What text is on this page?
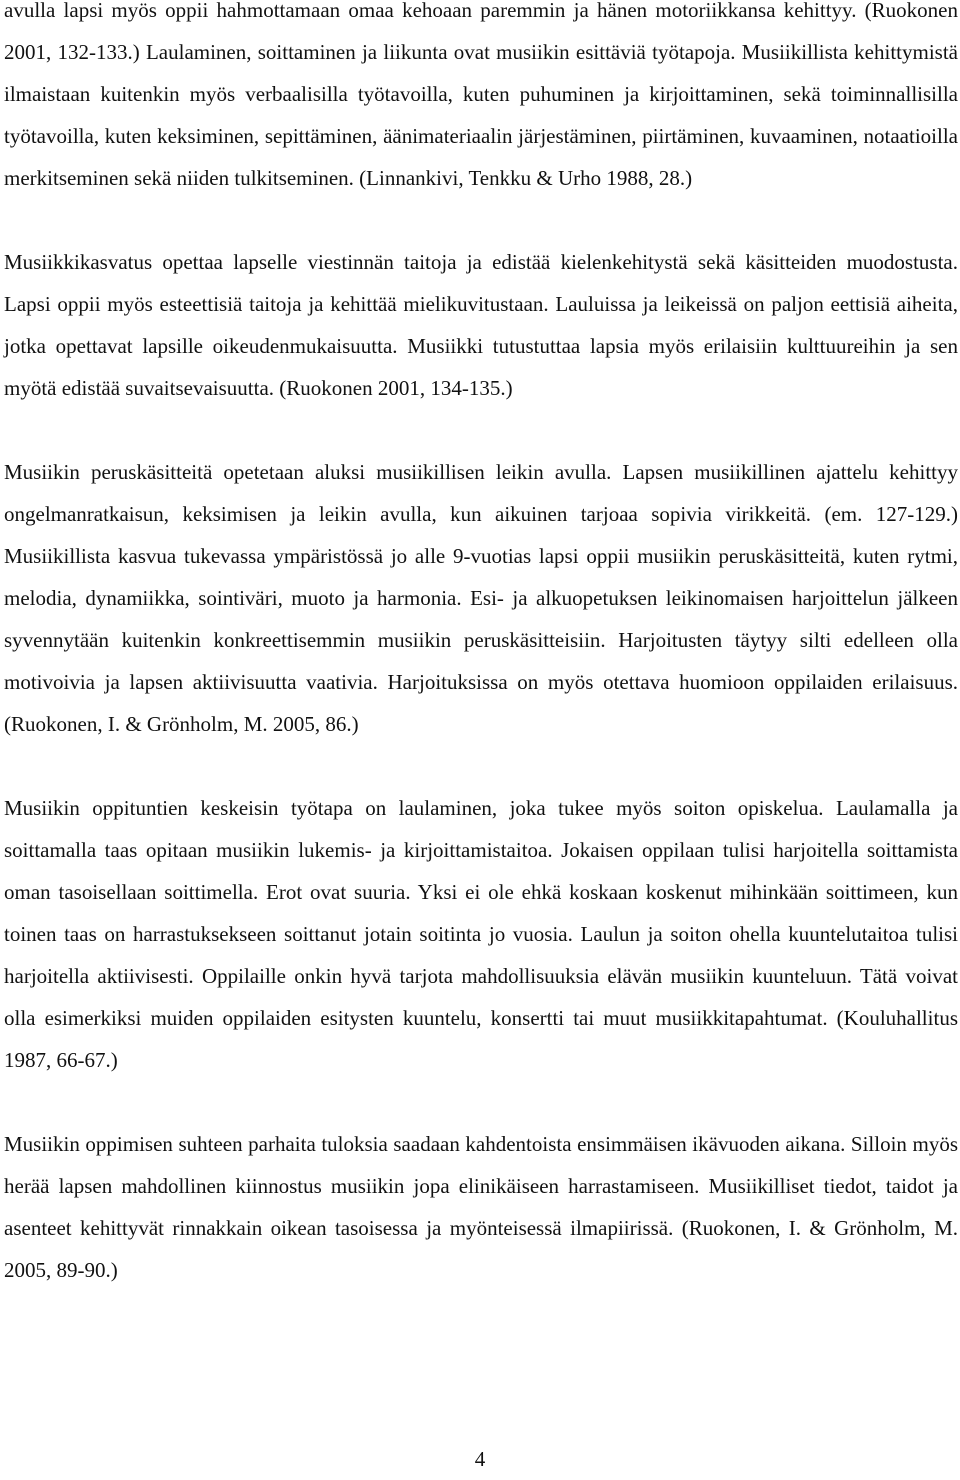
avulla lapsi myös oppii hahmottamaan omaa kehoaan paremmin ja hänen motoriikkansa kehittyy. (Ruokonen 2001, 132-133.) Laulaminen, soittaminen ja liikunta ovat musiikin esittäviä työtapoja. Musiikillista kehittymistä ilmaistaan kuitenkin myös verbaalisilla työtavoilla, kuten puhuminen ja kirjoittaminen, sekä toiminnallisilla työtavoilla, kuten keksiminen, sepittäminen, äänimateriaalin järjestäminen, piirtäminen, kuvaaminen, notaatioilla merkitseminen sekä niiden tulkitseminen. (Linnankivi, Tenkku & Urho 1988, 28.)

Musiikkikasvatus opettaa lapselle viestinnän taitoja ja edistää kielenkehitystä sekä käsitteiden muodostusta. Lapsi oppii myös esteettisiä taitoja ja kehittää mielikuvitustaan. Lauluissa ja leikeissä on paljon eettisiä aiheita, jotka opettavat lapsille oikeudenmukaisuutta. Musiikki tutustuttaa lapsia myös erilaisiin kulttuureihin ja sen myötä edistää suvaitsevaisuutta. (Ruokonen 2001, 134-135.)

Musiikin peruskäsitteitä opetetaan aluksi musiikillisen leikin avulla. Lapsen musiikillinen ajattelu kehittyy ongelmanratkaisun, keksimisen ja leikin avulla, kun aikuinen tarjoaa sopivia virikkeitä. (em. 127-129.) Musiikillista kasvua tukevassa ympäristössä jo alle 9-vuotias lapsi oppii musiikin peruskäsitteitä, kuten rytmi, melodia, dynamiikka, sointiväri, muoto ja harmonia. Esi- ja alkuopetuksen leikinomaisen harjoittelun jälkeen syvennytään kuitenkin konkreettisemmin musiikin peruskäsitteisiin. Harjoitusten täytyy silti edelleen olla motivoivia ja lapsen aktiivisuutta vaativia. Harjoituksissa on myös otettava huomioon oppilaiden erilaisuus. (Ruokonen, I. & Grönholm, M. 2005, 86.)

Musiikin oppituntien keskeisin työtapa on laulaminen, joka tukee myös soiton opiskelua. Laulamalla ja soittamalla taas opitaan musiikin lukemis- ja kirjoittamistaitoa. Jokaisen oppilaan tulisi harjoitella soittamista oman tasoisellaan soittimella. Erot ovat suuria. Yksi ei ole ehkä koskaan koskenut mihinkään soittimeen, kun toinen taas on harrastuksekseen soittanut jotain soitinta jo vuosia. Laulun ja soiton ohella kuuntelutaitoa tulisi harjoitella aktiivisesti. Oppilaille onkin hyvä tarjota mahdollisuuksia elävän musiikin kuunteluun. Tätä voivat olla esimerkiksi muiden oppilaiden esitysten kuuntelu, konsertti tai muut musiikkitapahtumat. (Kouluhallitus 1987, 66-67.)

Musiikin oppimisen suhteen parhaita tuloksia saadaan kahdentoista ensimmäisen ikävuoden aikana. Silloin myös herää lapsen mahdollinen kiinnostus musiikin jopa elinikäiseen harrastamiseen. Musiikilliset tiedot, taidot ja asenteet kehittyvät rinnakkain oikean tasoisessa ja myönteisessä ilmapiirissä. (Ruokonen, I. & Grönholm, M. 2005, 89-90.)

4
